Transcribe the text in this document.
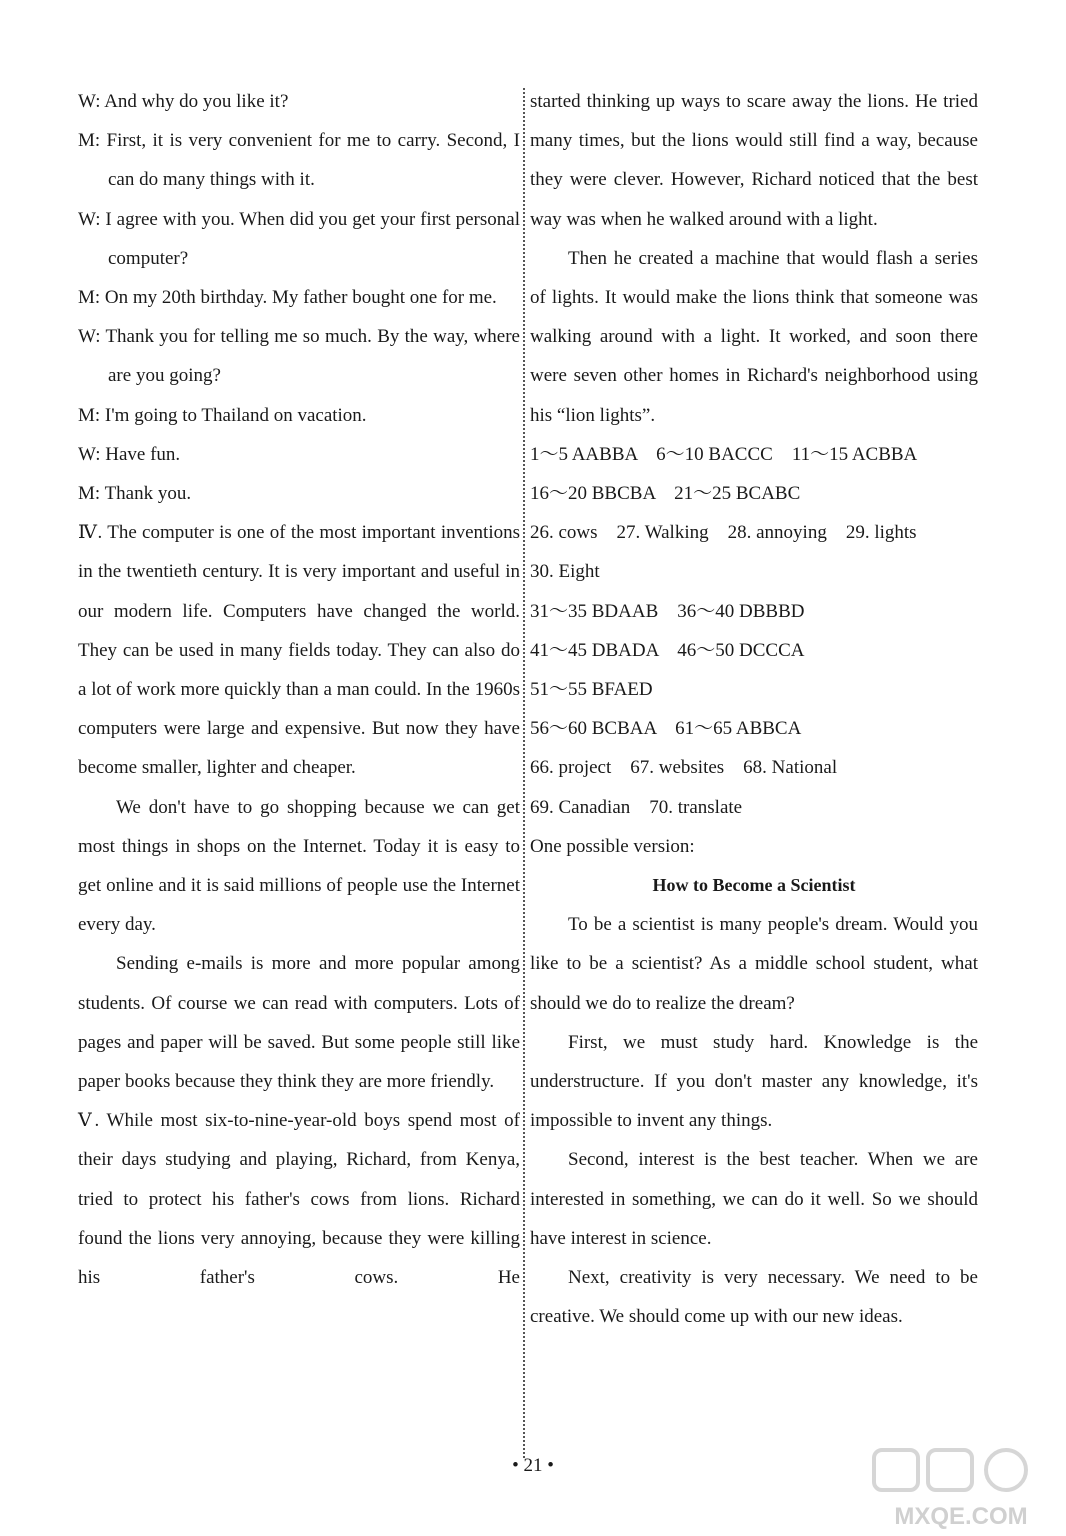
W: And why do you like it?

M: First, it is very convenient for me to carry. Second, I can do many things with it.

W: I agree with you. When did you get your first personal computer?

M: On my 20th birthday. My father bought one for me.

W: Thank you for telling me so much. By the way, where are you going?

M: I'm going to Thailand on vacation.

W: Have fun.

M: Thank you.

Ⅳ. The computer is one of the most important inventions in the twentieth century. It is very important and useful in our modern life. Computers have changed the world. They can be used in many fields today. They can also do a lot of work more quickly than a man could. In the 1960s computers were large and expensive. But now they have become smaller, lighter and cheaper.

We don't have to go shopping because we can get most things in shops on the Internet. Today it is easy to get online and it is said millions of people use the Internet every day.

Sending e-mails is more and more popular among students. Of course we can read with computers. Lots of pages and paper will be saved. But some people still like paper books because they think they are more friendly.

Ⅴ. While most six-to-nine-year-old boys spend most of their days studying and playing, Richard, from Kenya, tried to protect his father's cows from lions. Richard found the lions very annoying, because they were killing his father's cows. He

started thinking up ways to scare away the lions. He tried many times, but the lions would still find a way, because they were clever. However, Richard noticed that the best way was when he walked around with a light.

Then he created a machine that would flash a series of lights. It would make the lions think that someone was walking around with a light. It worked, and soon there were seven other homes in Richard's neighborhood using his “lion lights”.

1～5 AABBA    6～10 BACCC    11～15 ACBBA

16～20 BBCBA    21～25 BCABC

26. cows    27. Walking    28. annoying    29. lights

30. Eight

31～35 BDAAB    36～40 DBBBD

41～45 DBADA    46～50 DCCCA

51～55 BFAED

56～60 BCBAA    61～65 ABBCA

66. project    67. websites    68. National

69. Canadian    70. translate

One possible version:

How to Become a Scientist

To be a scientist is many people's dream. Would you like to be a scientist? As a middle school student, what should we do to realize the dream?

First, we must study hard. Knowledge is the understructure. If you don't master any knowledge, it's impossible to invent any things.

Second, interest is the best teacher. When we are interested in something, we can do it well. So we should have interest in science.

Next, creativity is very necessary. We need to be creative. We should come up with our new ideas.

• 21 •
MXQE.COM
